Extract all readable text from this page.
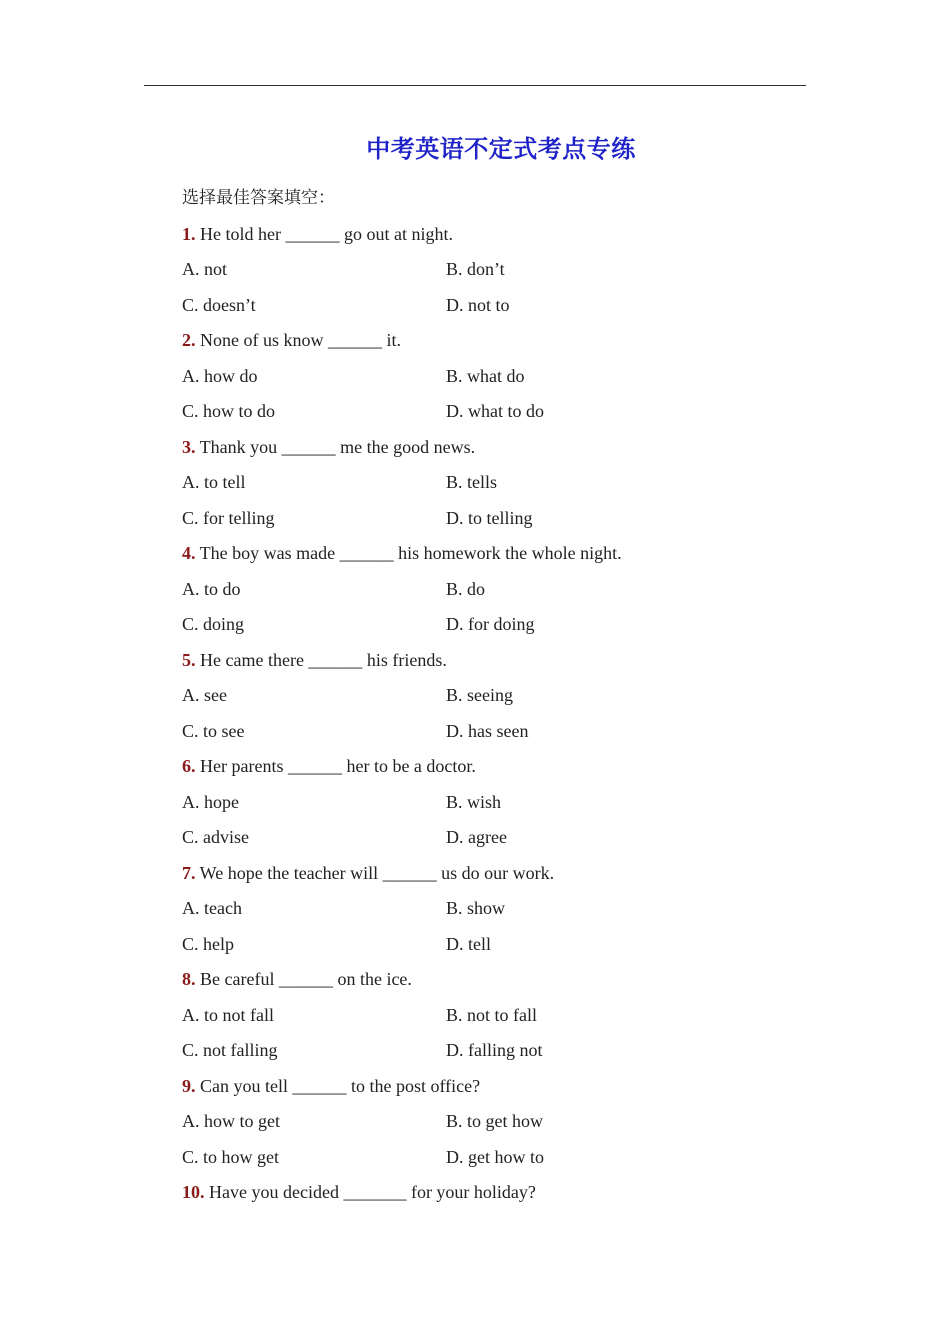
中考英语不定式考点专练
选择最佳答案填空：
1. He told her ______ go out at night.
A. not	B. don’t
C. doesn’t	D. not to
2. None of us know ______ it.
A. how do	B. what do
C. how to do	D. what to do
3. Thank you ______ me the good news.
A. to tell	B. tells
C. for telling	D. to telling
4. The boy was made ______ his homework the whole night.
A. to do	B. do
C. doing	D. for doing
5. He came there ______ his friends.
A. see	B. seeing
C. to see	D. has seen
6. Her parents ______ her to be a doctor.
A. hope	B. wish
C. advise	D. agree
7. We hope the teacher will ______ us do our work.
A. teach	B. show
C. help	D. tell
8. Be careful ______ on the ice.
A. to not fall	B. not to fall
C. not falling	D. falling not
9. Can you tell ______ to the post office?
A. how to get	B. to get how
C. to how get	D. get how to
10. Have you decided _______ for your holiday?
